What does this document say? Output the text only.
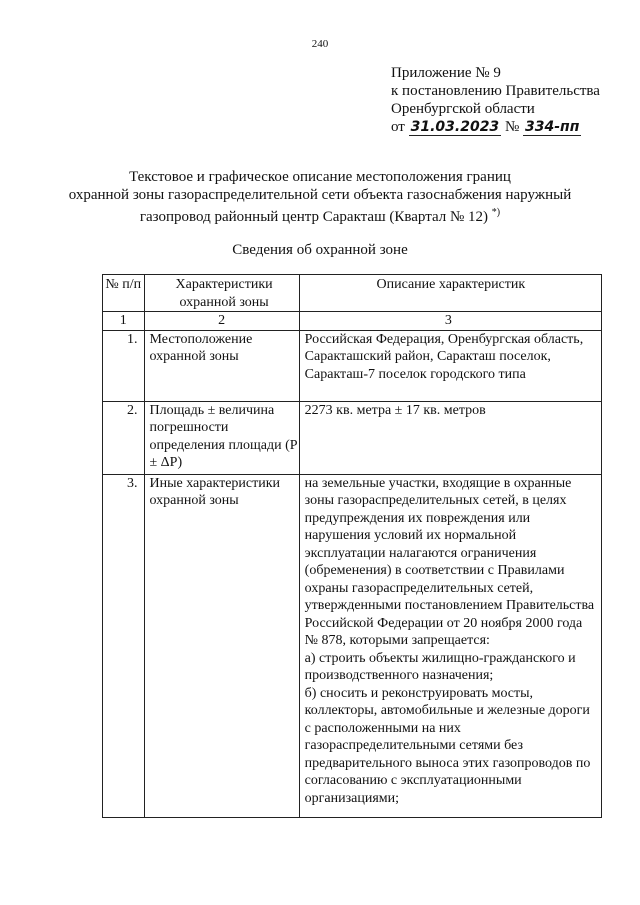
240
Приложение № 9
к постановлению Правительства
Оренбургской области
от 31.03.2023 № 334-пп
Текстовое и графическое описание местоположения границ
охранной зоны газораспределительной сети объекта газоснабжения наружный
газопровод районный центр Саракташ (Квартал № 12) *)
Сведения об охранной зоне
№ п/п	Характеристики охранной зоны	Описание характеристик
1	2	3
1.	Местоположение охранной зоны	Российская Федерация, Оренбургская область, Саракташский район, Саракташ поселок, Саракташ-7 поселок городского типа
2.	Площадь ± величина погрешности определения площади (P ± ΔP)	2273 кв. метра ± 17 кв. метров
3.	Иные характеристики охранной зоны	на земельные участки, входящие в охранные зоны газораспределительных сетей, в целях предупреждения их повреждения или нарушения условий их нормальной эксплуатации налагаются ограничения (обременения) в соответствии с Правилами охраны газораспределительных сетей, утвержденными постановлением Правительства Российской Федерации от 20 ноября 2000 года № 878, которыми запрещается:
а) строить объекты жилищно-гражданского и производственного назначения;
б) сносить и реконструировать мосты, коллекторы, автомобильные и железные дороги с расположенными на них газораспределительными сетями без предварительного выноса этих газопроводов по согласованию с эксплуатационными организациями;
